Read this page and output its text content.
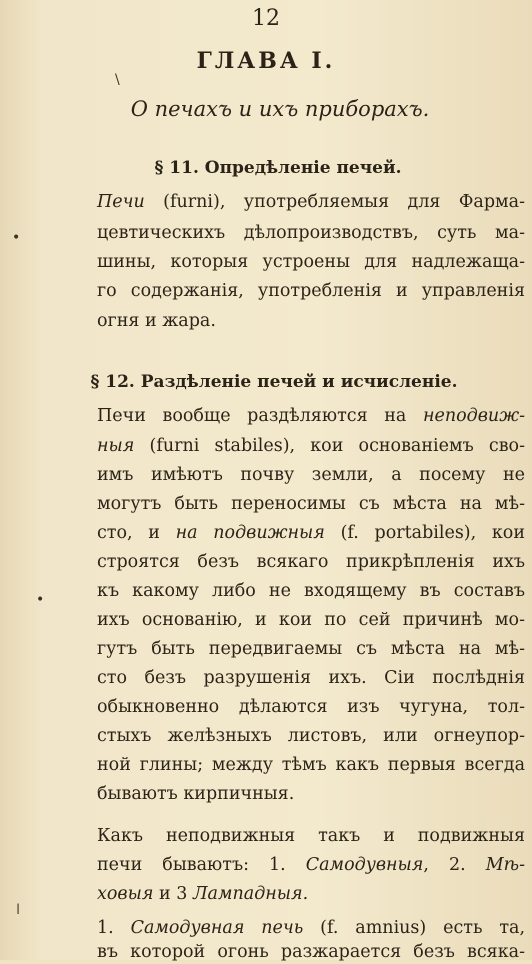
12
ГЛАВА I.
\
О печахъ и ихъ приборахъ.
§ 11. Опредѣленіе печей.
Печи (furni), употребляемыя для Фарма-
цевтическихъ дѣлопроизводствъ, суть ма-
шины, которыя устроены для надлежаща-
го содержанія, употребленія и управленія
огня и жара.
§ 12. Раздѣленіе печей и исчисленіе.
Печи вообще раздѣляются на неподвиж-
ныя (furni stabiles), кои основаніемъ сво-
имъ имѣютъ почву земли, а посему не
могутъ быть переносимы съ мѣста на мѣ-
сто, и на подвижныя (f. portabiles), кои
строятся безъ всякаго прикрѣпленія ихъ
къ какому либо не входящему въ составъ
ихъ основанію, и кои по сей причинѣ мо-
гутъ быть передвигаемы съ мѣста на мѣ-
сто безъ разрушенія ихъ. Сіи послѣднія
обыкновенно дѣлаются изъ чугуна, тол-
стыхъ желѣзныхъ листовъ, или огнеупор-
ной глины; между тѣмъ какъ первыя всегда
бываютъ кирпичныя.
Какъ неподвижныя такъ и подвижныя
печи бываютъ: 1. Самодувныя, 2. Мѣ-
ховыя и 3 Лампадныя.
1. Самодувная печь (f. amnius) есть та,
въ которой огонь разжарается безъ всяка-
•
•
ǀ
